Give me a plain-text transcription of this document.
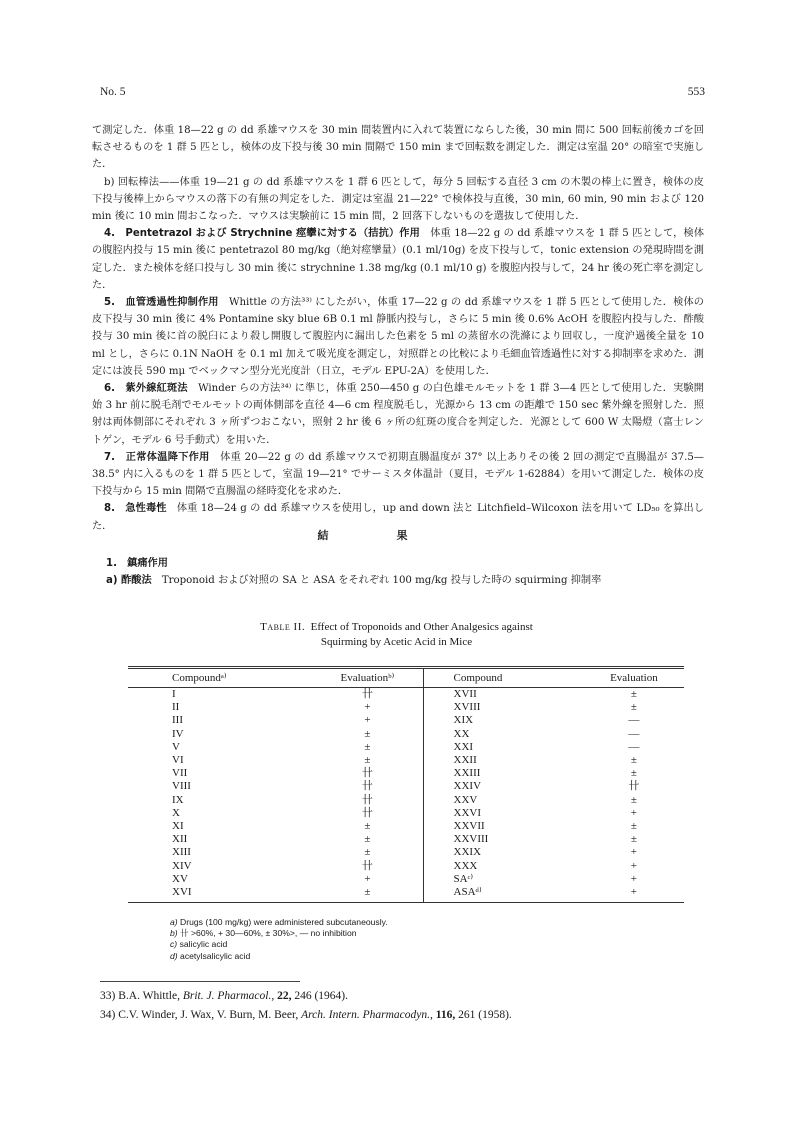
No. 5	553

て測定した．体重 18—22 g の dd 系雄マウスを 30 min 間装置内に入れて装置にならした後，30 min 間に 500 回転前後カゴを回転させるものを 1 群 5 匹とし，検体の皮下投与後 30 min 間隔で 150 min まで回転数を測定した．測定は室温 20° の暗室で実施した．

b) 回転棒法——体重 19—21 g の dd 系雄マウスを 1 群 6 匹として，毎分 5 回転する直径 3 cm の木製の棒上に置き，検体の皮下投与後棒上からマウスの落下の有無の判定をした．測定は室温 21—22° で検体投与直後，30 min, 60 min, 90 min および 120 min 後に 10 min 間おこなった．マウスは実験前に 15 min 間，2 回落下しないものを選抜して使用した．

4.　Pentetrazol および Strychnine 痙攣に対する（拮抗）作用　体重 18—22 g の dd 系雄マウスを 1 群 5 匹として，検体の腹腔内投与 15 min 後に pentetrazol 80 mg/kg（絶対痙攣量）(0.1 ml/10g) を皮下投与して，tonic extension の発現時間を測定した．また検体を経口投与し 30 min 後に strychnine 1.38 mg/kg (0.1 ml/10 g) を腹腔内投与して，24 hr 後の死亡率を測定した．

5.　血管透過性抑制作用　Whittle の方法³³⁾ にしたがい，体重 17—22 g の dd 系雄マウスを 1 群 5 匹として使用した．検体の皮下投与 30 min 後に 4% Pontamine sky blue 6B 0.1 ml 静脈内投与し，さらに 5 min 後 0.6% AcOH を腹腔内投与した．酢酸投与 30 min 後に首の脱臼により殺し開腹して腹腔内に漏出した色素を 5 ml の蒸留水の洗滌により回収し，一度沪過後全量を 10 ml とし，さらに 0.1N NaOH を 0.1 ml 加えて吸光度を測定し，対照群との比較により毛細血管透過性に対する抑制率を求めた．測定には波長 590 mμ でベックマン型分光光度計（日立，モデル EPU-2A）を使用した．

6.　紫外線紅斑法　Winder らの方法³⁴⁾ に準じ，体重 250—450 g の白色雄モルモットを 1 群 3—4 匹として使用した．実験開始 3 hr 前に脱毛剤でモルモットの両体側部を直径 4—6 cm 程度脱毛し，光源から 13 cm の距離で 150 sec 紫外線を照射した．照射は両体側部にそれぞれ 3 ヶ所ずつおこない，照射 2 hr 後 6 ヶ所の紅斑の度合を判定した．光源として 600 W 太陽燈（富士レントゲン，モデル 6 号手動式）を用いた．

7.　正常体温降下作用　体重 20—22 g の dd 系雄マウスで初期直腸温度が 37° 以上ありその後 2 回の測定で直腸温が 37.5—38.5° 内に入るものを 1 群 5 匹として，室温 19—21° でサーミスタ体温計（夏目，モデル 1-62884）を用いて測定した．検体の皮下投与から 15 min 間隔で直腸温の経時変化を求めた．

8.　急性毒性　体重 18—24 g の dd 系雄マウスを使用し，up and down 法と Litchfield–Wilcoxon 法を用いて LD₅₀ を算出した．

結果
1.　鎮痛作用
a) 酢酸法　Troponoid および対照の SA と ASA をそれぞれ 100 mg/kg 投与した時の squirming 抑制率
Table II. Effect of Troponoids and Other Analgesics against
Squirming by Acetic Acid in Mice
Compoundᵃ⁾	Evaluationᵇ⁾	Compound	Evaluation
I	卄	XVII	±
II	+	XVIII	±
III	+	XIX	—
IV	±	XX	—
V	±	XXI	—
VI	±	XXII	±
VII	卄	XXIII	±
VIII	卄	XXIV	卄
IX	卄	XXV	±
X	卄	XXVI	+
XI	±	XXVII	±
XII	±	XXVIII	±
XIII	±	XXIX	+
XIV	卄	XXX	+
XV	+	SAᶜ⁾	+
XVI	±	ASAᵈ⁾	+
a) Drugs (100 mg/kg) were administered subcutaneously.
b) 卄 >60%, + 30—60%, ± 30%>, — no inhibition
c) salicylic acid
d) acetylsalicylic acid
33) B.A. Whittle, Brit. J. Pharmacol., 22, 246 (1964).
34) C.V. Winder, J. Wax, V. Burn, M. Beer, Arch. Intern. Pharmacodyn., 116, 261 (1958).
